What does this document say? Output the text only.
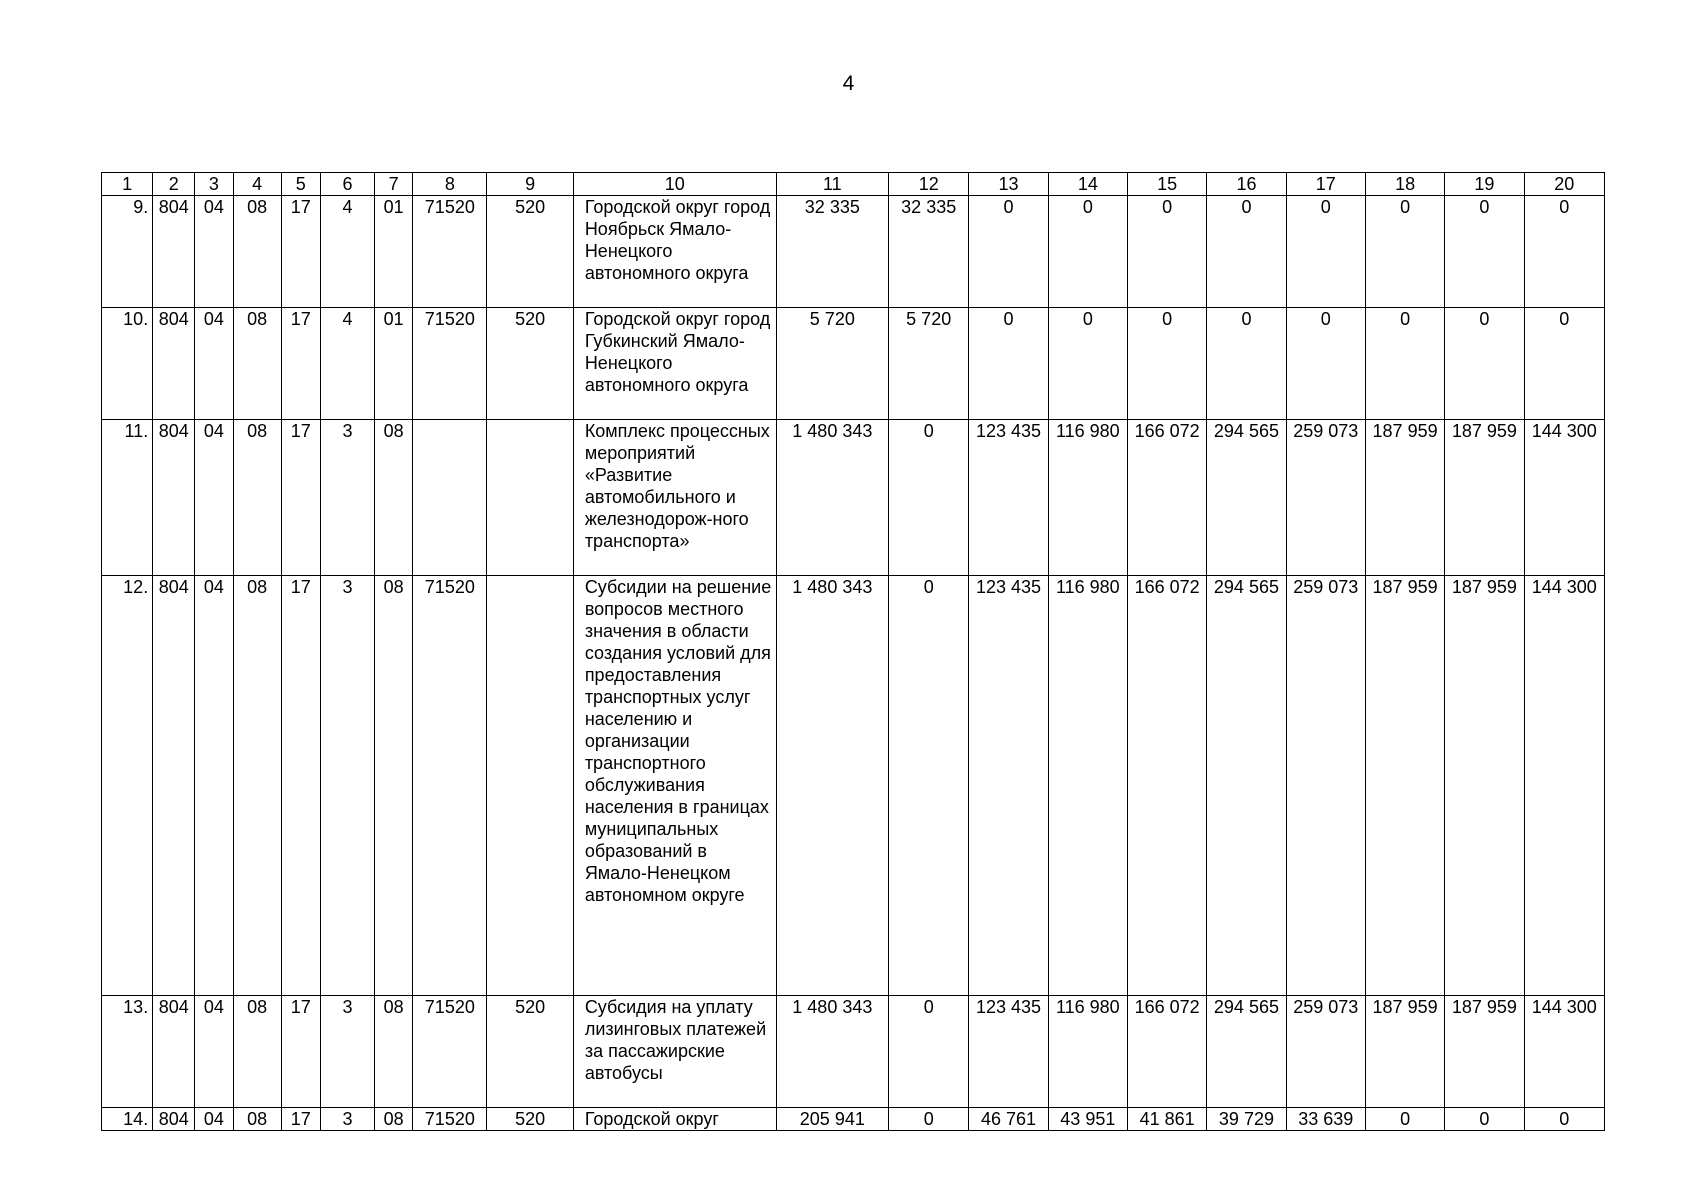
4
1	2	3	4	5	6	7	8	9	10	11	12	13	14	15	16	17	18	19	20
9.	804	04	08	17	4	01	71520	520	Городской округ город Ноябрьск Ямало-Ненецкого автономного округа	32 335	32 335	0	0	0	0	0	0	0	0
10.	804	04	08	17	4	01	71520	520	Городской округ город Губкинский Ямало-Ненецкого автономного округа	5 720	5 720	0	0	0	0	0	0	0	0
11.	804	04	08	17	3	08			Комплекс процессных мероприятий «Развитие автомобильного и железнодорож-ного транспорта»	1 480 343	0	123 435	116 980	166 072	294 565	259 073	187 959	187 959	144 300
12.	804	04	08	17	3	08	71520		Субсидии на решение вопросов местного значения в области создания условий для предоставления транспортных услуг населению и организации транспортного обслуживания населения в границах муниципальных образований в Ямало-Ненецком автономном округе	1 480 343	0	123 435	116 980	166 072	294 565	259 073	187 959	187 959	144 300
13.	804	04	08	17	3	08	71520	520	Субсидия на уплату лизинговых платежей за пассажирские автобусы	1 480 343	0	123 435	116 980	166 072	294 565	259 073	187 959	187 959	144 300
14.	804	04	08	17	3	08	71520	520	Городской округ	205 941	0	46 761	43 951	41 861	39 729	33 639	0	0	0
